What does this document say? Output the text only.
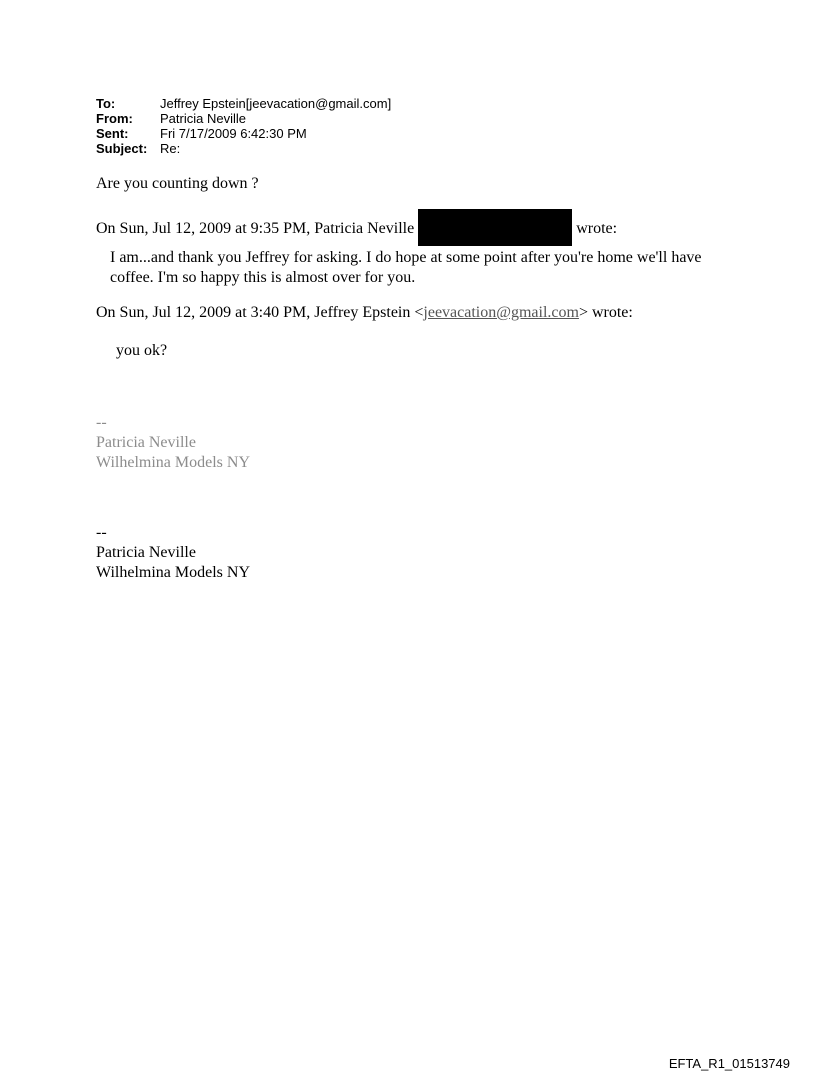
To:	Jeffrey Epstein[jeevacation@gmail.com]
From:	Patricia Neville
Sent:	Fri 7/17/2009 6:42:30 PM
Subject: Re:
Are you counting down ?
On Sun, Jul 12, 2009 at 9:35 PM, Patricia Neville	wrote:
I am...and thank you Jeffrey for asking. I do hope at some point after you're home we'll have
coffee. I'm so happy this is almost over for you.
On Sun, Jul 12, 2009 at 3:40 PM, Jeffrey Epstein <jeevacation@gmail.com> wrote:
you ok?
--
Patricia Neville
Wilhelmina Models NY
--
Patricia Neville
Wilhelmina Models NY
EFTA_R1_01513749
